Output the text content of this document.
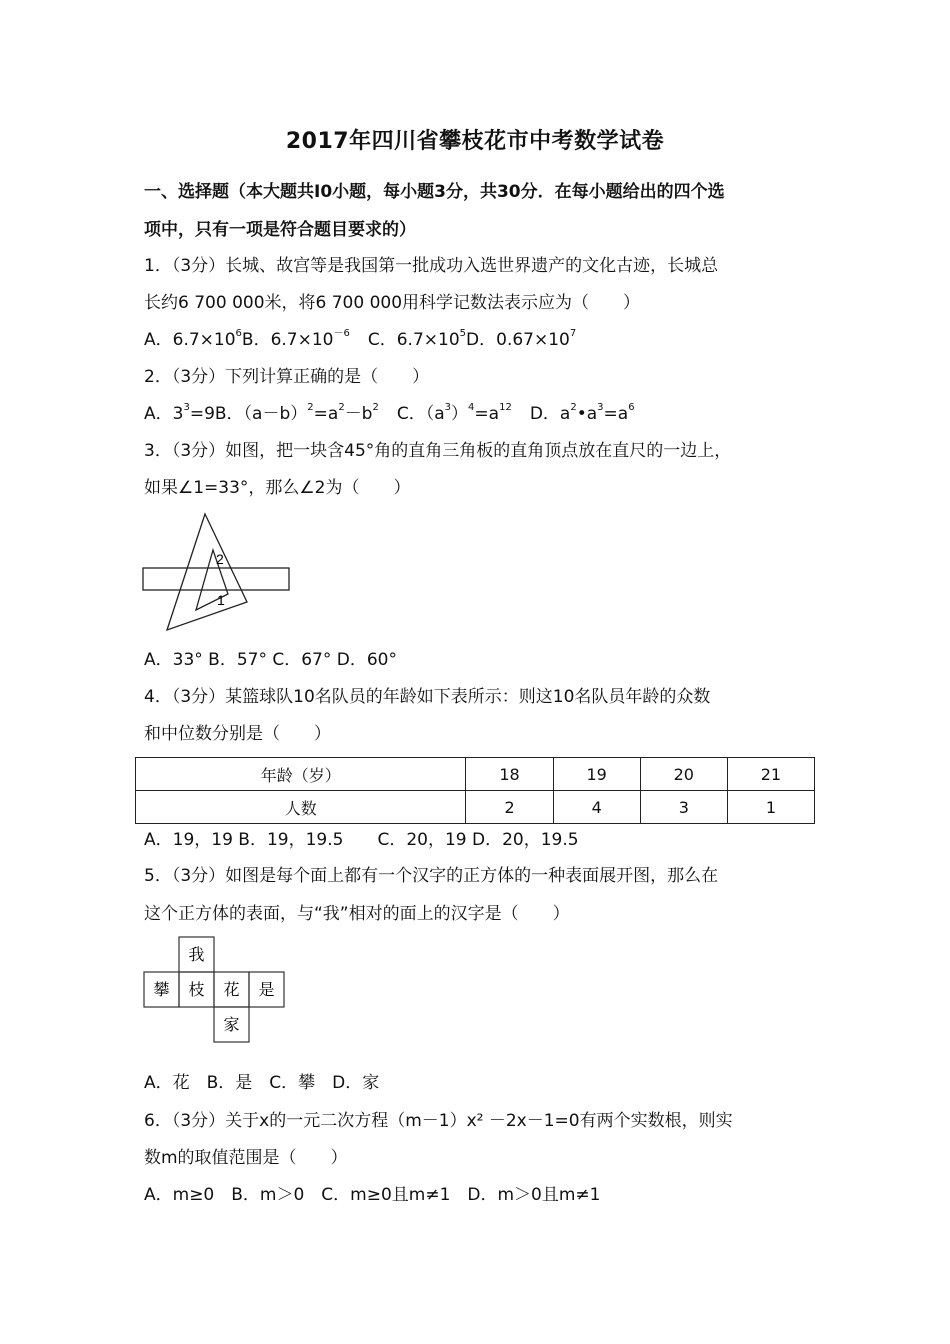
2017年四川省攀枝花市中考数学试卷
一、选择题（本大题共I0小题，每小题3分，共30分．在每小题给出的四个选
项中，只有一项是符合题目要求的）
1．（3分）长城、故宫等是我国第一批成功入选世界遗产的文化古迹，长城总
长约6 700 000米，将6 700 000用科学记数法表示应为（　　）
A．$6.7\times 10^6B$．$6.7\times 10^{-6}$ C．$6.7\times 10^5D$．$0.67\times 10^7$
2．（3分）下列计算正确的是（　　）
A．$3^3=9B$．$(a-b)^2=a^2-b^2$ C．$(a^3)^4=a^{12}$ D．$a^2•a^3=a^6$
3．（3分）如图，把一块含45°角的直角三角板的直角顶点放在直尺的一边上，
如果∠1=33°，那么∠2为（　　）
2
1
A．33° B．57° C．67° D．60°
4．（3分）某篮球队10名队员的年龄如下表所示：则这10名队员年龄的众数
和中位数分别是（　　）
年龄（岁）	18	19	20	21
人数	2	4	3	1
A．19，19 B．19，19.5　　C．20，19 D．20，19.5
5．（3分）如图是每个面上都有一个汉字的正方体的一种表面展开图，那么在
这个正方体的表面，与“我”相对的面上的汉字是（　　）
我
攀 枝 花 是
家
A．花　B．是　C．攀　D．家
6．（3分）关于x的一元二次方程（m－1）x² －2x－1=0有两个实数根，则实
数m的取值范围是（　　）
A．m≥0　B．m＞0　C．m≥0且m≠1　D．m＞0且m≠1
